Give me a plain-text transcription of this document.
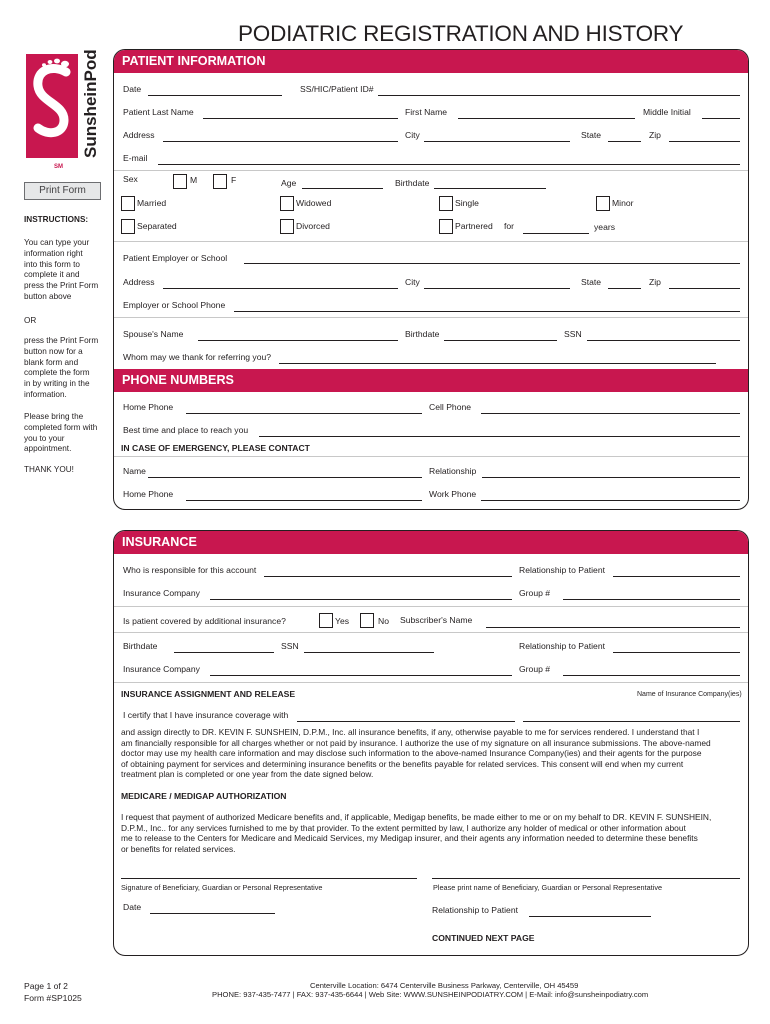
SM
SunsheinPodiatry	PODIATRIC REGISTRATION AND HISTORY
Print Form
INSTRUCTIONS:
You can type your
information right
into this form to
complete it and
press the Print Form
button above
OR
press the Print Form
button now for a
blank form and
complete the form
in by writing in the
information.
Please bring the
completed form with
you to your
appointment.
THANK YOU!
PATIENT INFORMATION
Date	SS/HIC/Patient ID#
Patient Last Name	First Name	Middle Initial
Address	City	State	Zip
E-mail
Sex	M	F	Age	Birthdate
Married	Widowed	Single	Minor
Separated	Divorced	Partnered for	years
Patient Employer or School
Address	City	State	Zip
Employer or School Phone
Spouse's Name	Birthdate	SSN
Whom may we thank for referring you?
PHONE NUMBERS
Home Phone	Cell Phone
Best time and place to reach you
IN CASE OF EMERGENCY, PLEASE CONTACT
Name	Relationship
Home Phone	Work Phone
INSURANCE
Who is responsible for this account	Relationship to Patient
Insurance Company	Group #
Is patient covered by additional insurance?	Yes	No Subscriber's Name
Birthdate	SSN	Relationship to Patient
Insurance Company	Group #
INSURANCE ASSIGNMENT AND RELEASE	Name of Insurance Company(ies)
I certify that I have insurance coverage with
and assign directly to DR. KEVIN F. SUNSHEIN, D.P.M., Inc. all insurance benefits, if any, otherwise payable to me for services rendered. I understand that I
am financially responsible for all charges whether or not paid by insurance. I authorize the use of my signature on all insurance submissions. The above-named
doctor may use my health care information and may disclose such information to the above-named Insurance Company(ies) and their agents for the purpose
of obtaining payment for services and determining insurance benefits or the benefits payable for related services. This consent will end when my current
treatment plan is completed or one year from the date signed below.
MEDICARE / MEDIGAP AUTHORIZATION
I request that payment of authorized Medicare benefits and, if applicable, Medigap benefits, be made either to me or on my behalf to DR. KEVIN F. SUNSHEIN,
D.P.M., Inc.. for any services furnished to me by that provider. To the extent permitted by law, I authorize any holder of medical or other information about
me to release to the Centers for Medicare and Medicaid Services, my Medigap insurer, and their agents any information needed to determine these benefits
or benefits for related services.
Signature of Beneficiary, Guardian or Personal Representative	Please print name of Beneficiary, Guardian or Personal Representative
Date	Relationship to Patient
CONTINUED NEXT PAGE
Page 1 of 2
Form #SP1025
Centerville Location: 6474 Centerville Business Parkway, Centerville, OH 45459
PHONE: 937-435-7477 | FAX: 937-435-6644 | Web Site: WWW.SUNSHEINPODIATRY.COM | E-Mail: info@sunsheinpodiatry.com
